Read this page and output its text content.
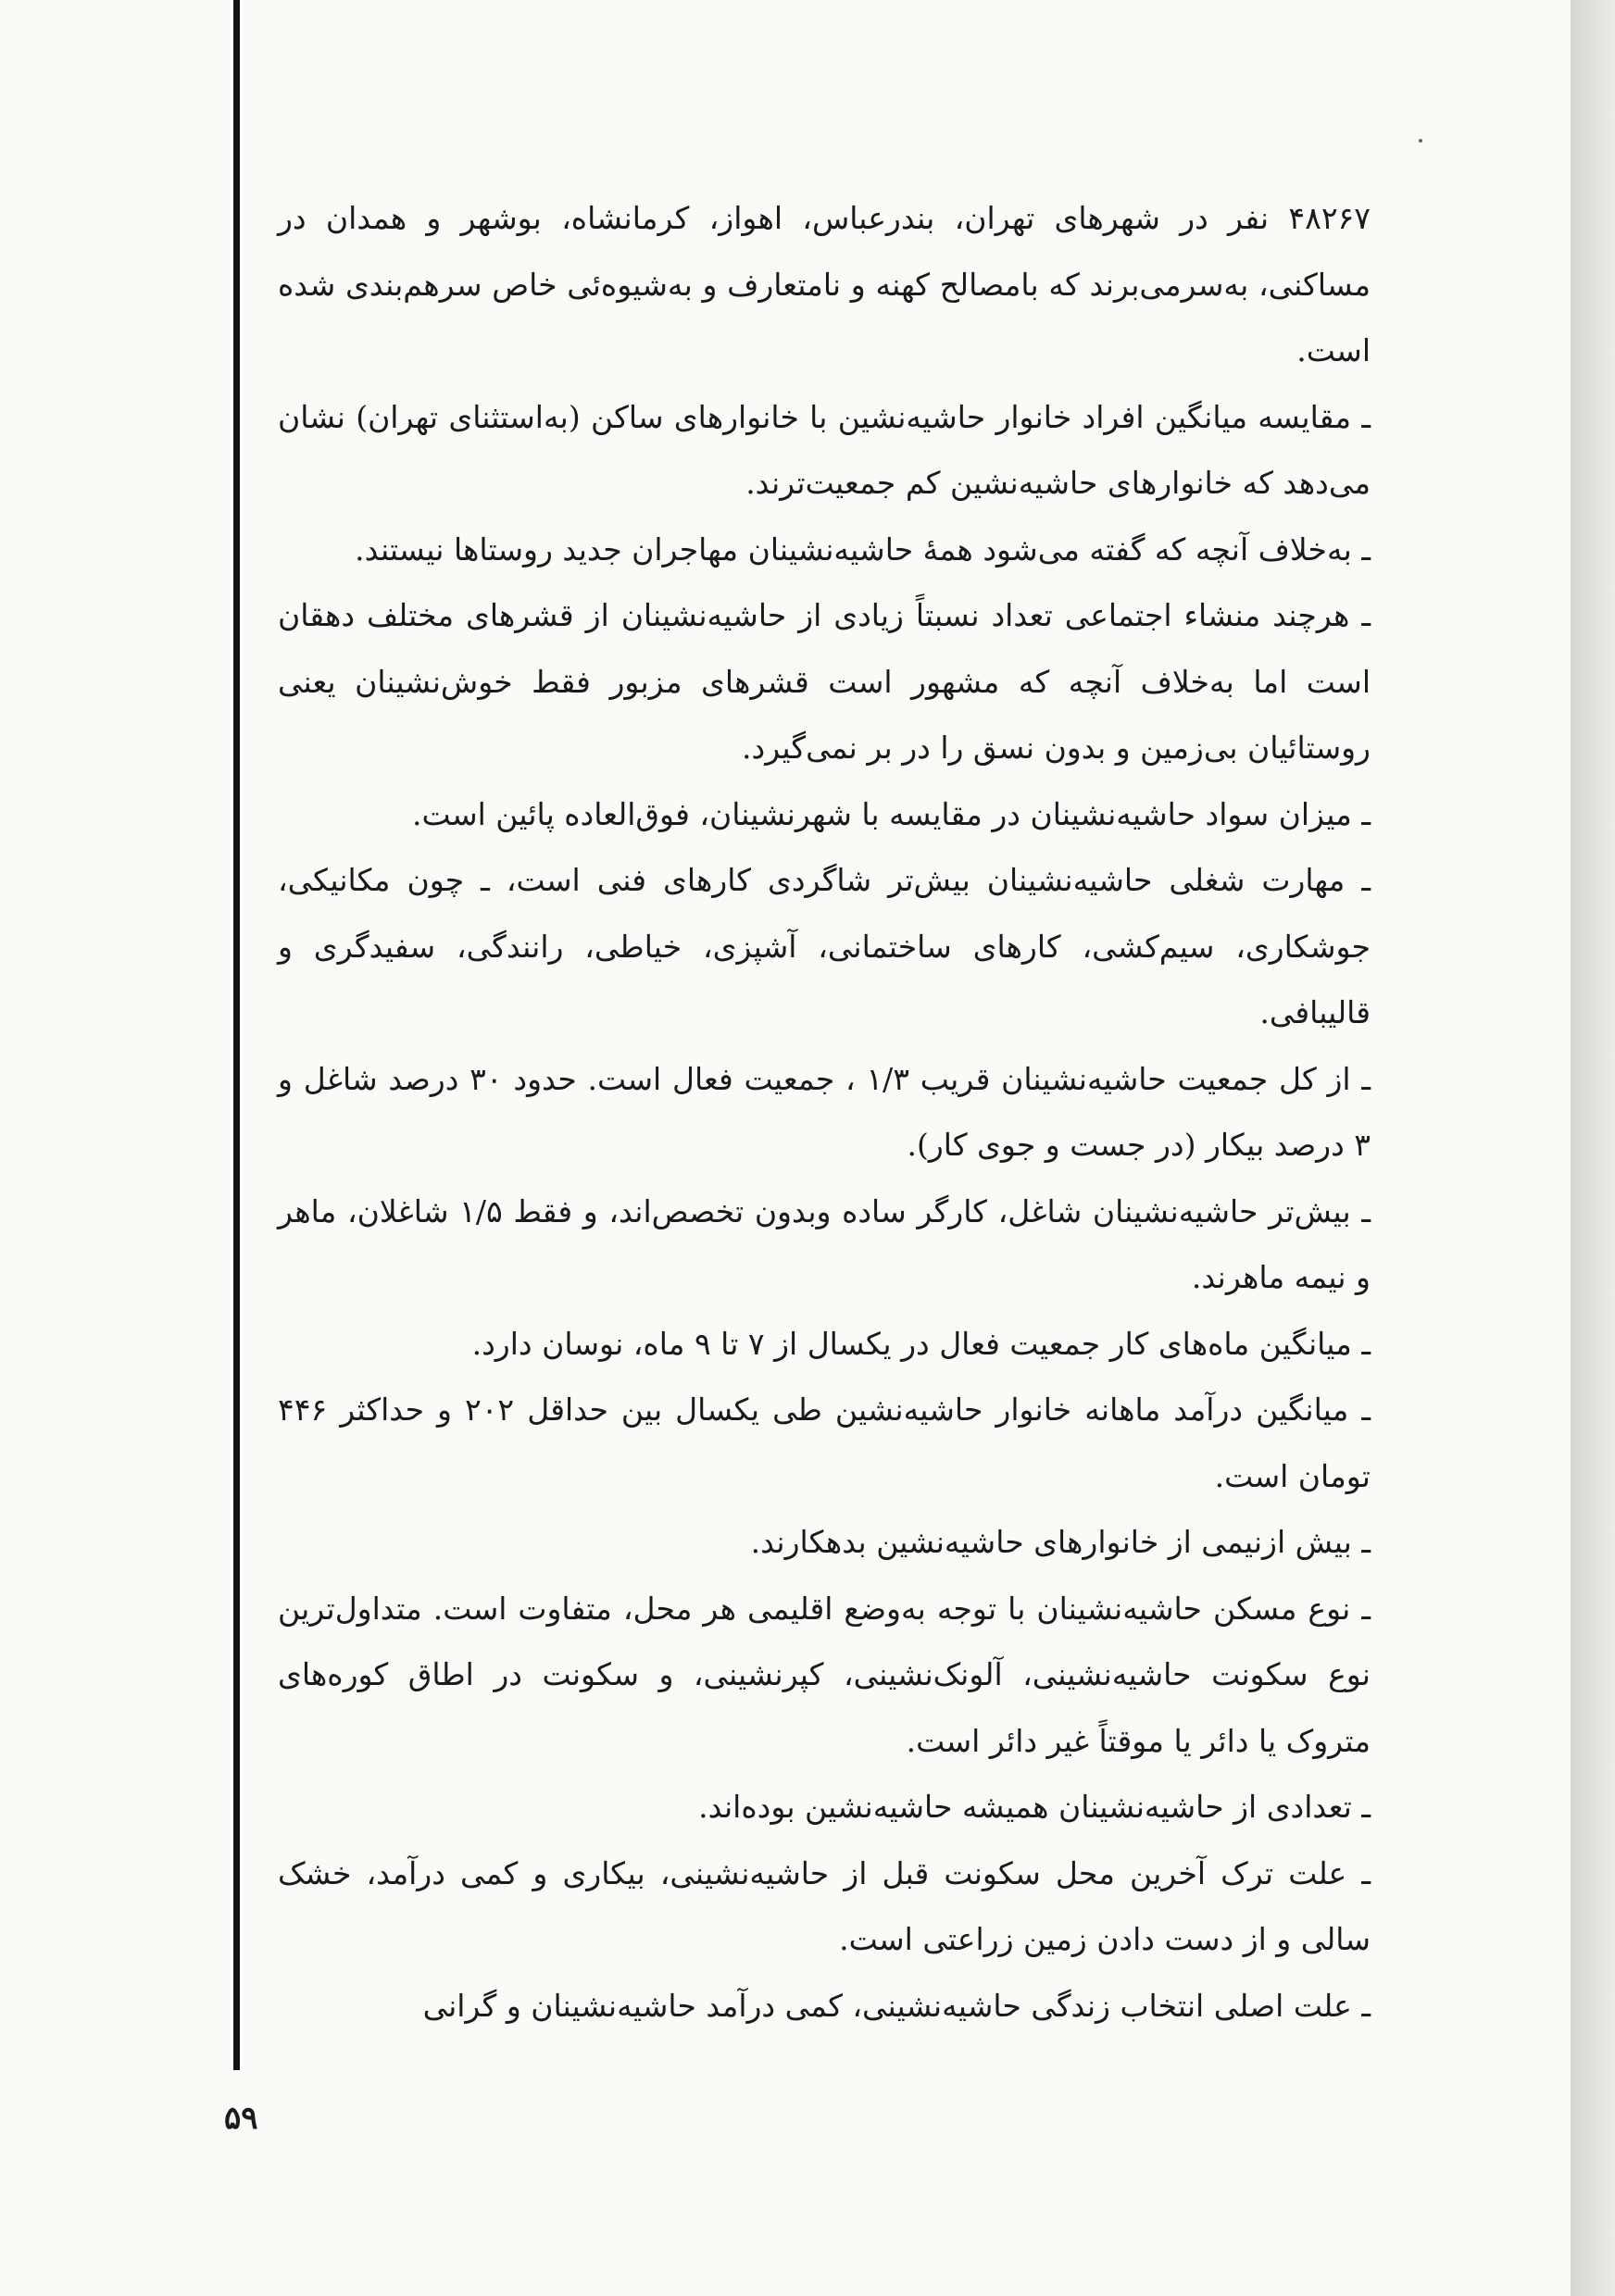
۴۸۲۶۷ نفر در شهرهای تهران، بندرعباس، اهواز، کرمانشاه، بوشهر و همدان در مساکنی، به‌سرمی‌برند که بامصالح کهنه و نامتعارف و به‌شیوه‌ئی خاص سرهم‌بندی شده است.

ـ مقایسه میانگین افراد خانوار حاشیه‌نشین با خانوارهای ساکن (به‌استثنای تهران) نشان می‌دهد که خانوارهای حاشیه‌نشین کم جمعیت‌ترند.

ـ به‌خلاف آنچه که گفته می‌شود همهٔ حاشیه‌نشینان مهاجران جدید روستاها نیستند.

ـ هرچند منشاء اجتماعی تعداد نسبتاً زیادی از حاشیه‌نشینان از قشرهای مختلف دهقان است اما به‌خلاف آنچه که مشهور است قشرهای مزبور فقط خوش‌نشینان یعنی روستائیان بی‌زمین و بدون نسق را در بر نمی‌گیرد.

ـ میزان سواد حاشیه‌نشینان در مقایسه با شهرنشینان، فوق‌العاده پائین است.

ـ مهارت شغلی حاشیه‌نشینان بیش‌تر شاگردی کارهای فنی است، ـ چون مکانیکی، جوشکاری، سیم‌کشی، کارهای ساختمانی، آشپزی، خیاطی، رانندگی، سفیدگری و قالیبافی.

ـ از کل جمعیت حاشیه‌نشینان قریب ۱/۳ ، جمعیت فعال است. حدود ۳۰ درصد شاغل و ۳ درصد بیکار (در جست و جوی کار).

ـ بیش‌تر حاشیه‌نشینان شاغل، کارگر ساده وبدون تخصص‌اند، و فقط ۱/۵ شاغلان، ماهر و نیمه ماهرند.

ـ میانگین ماه‌های کار جمعیت فعال در یکسال از ۷ تا ۹ ماه، نوسان دارد.

ـ میانگین درآمد ماهانه خانوار حاشیه‌نشین طی یکسال بین حداقل ۲۰۲ و حداکثر ۴۴۶ تومان است.

ـ بیش ازنیمی از خانوارهای حاشیه‌نشین بدهکارند.

ـ نوع مسکن حاشیه‌نشینان با توجه به‌وضع اقلیمی هر محل، متفاوت است. متداول‌ترین نوع سکونت حاشیه‌نشینی، آلونک‌نشینی، کپرنشینی، و سکونت در اطاق کوره‌های متروک یا دائر یا موقتاً غیر دائر است.

ـ تعدادی از حاشیه‌نشینان همیشه حاشیه‌نشین بوده‌اند.

ـ علت ترک آخرین محل سکونت قبل از حاشیه‌نشینی، بیکاری و کمی درآمد، خشک سالی و از دست دادن زمین زراعتی است.

ـ علت اصلی انتخاب زندگی حاشیه‌نشینی، کمی درآمد حاشیه‌نشینان و گرانی

۵۹
